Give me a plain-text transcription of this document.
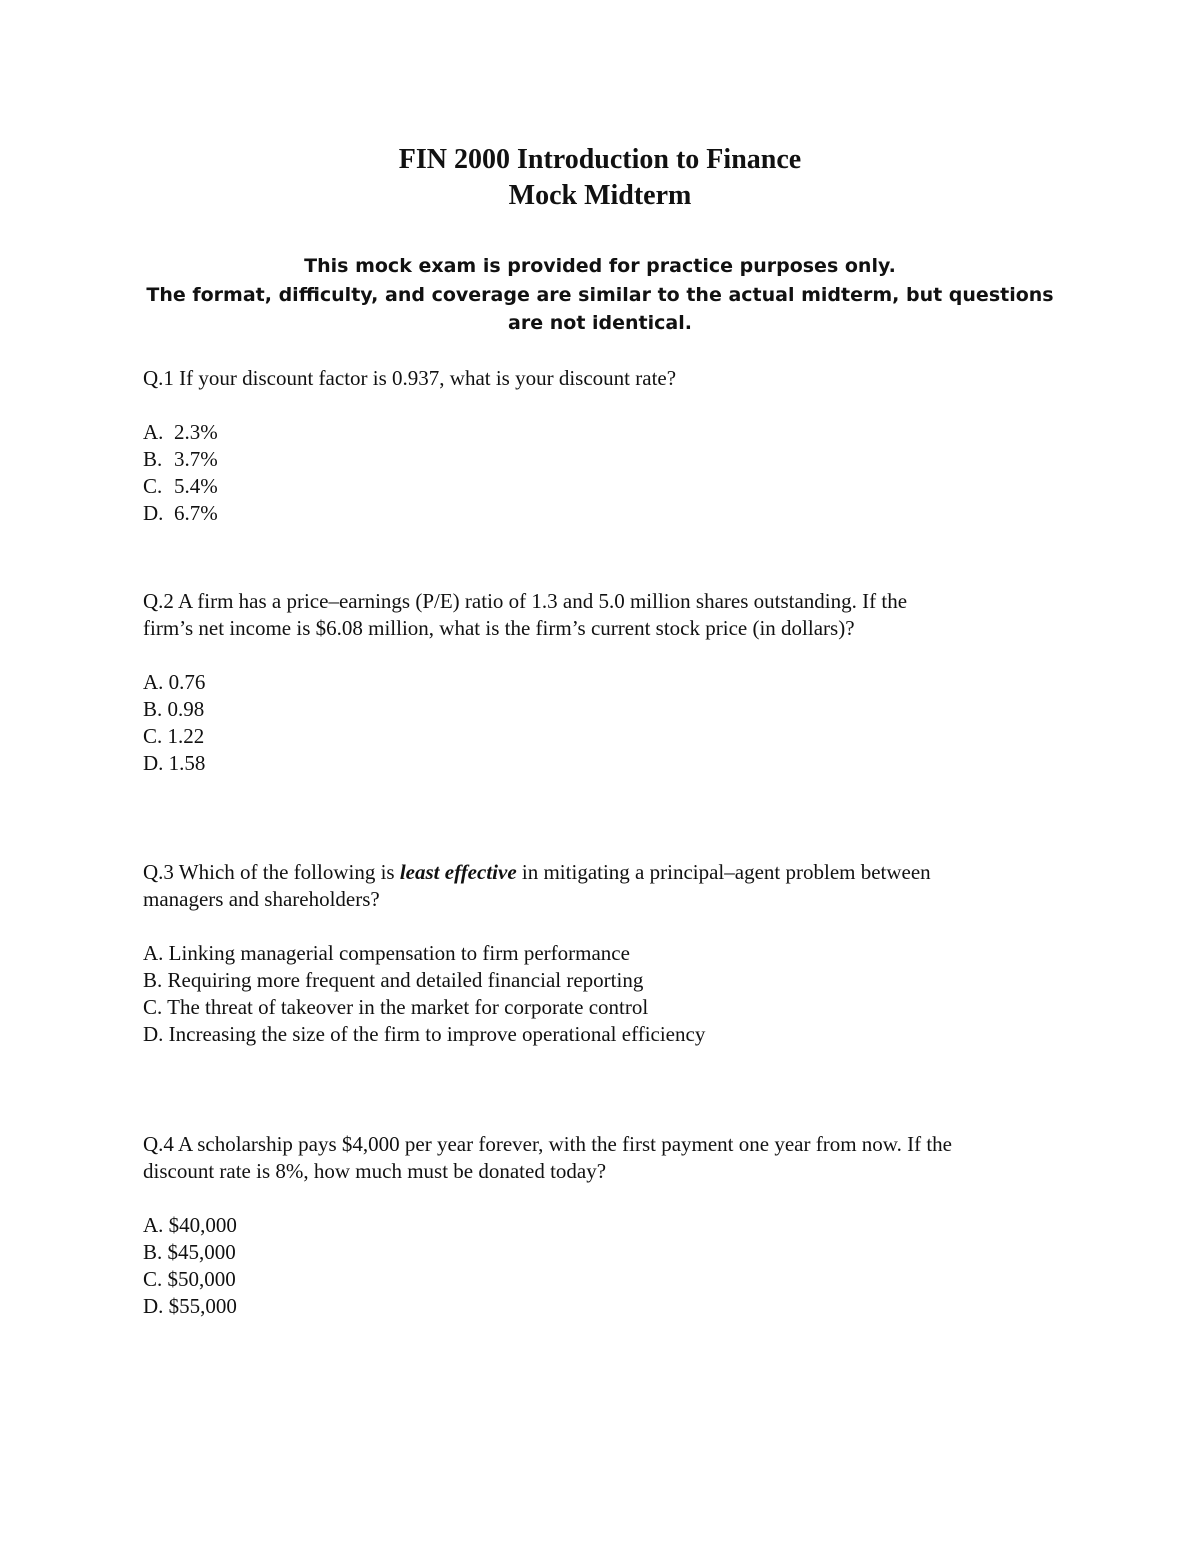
FIN 2000 Introduction to Finance
Mock Midterm
This mock exam is provided for practice purposes only.
The format, difficulty, and coverage are similar to the actual midterm, but questions
are not identical.
Q.1 If your discount factor is 0.937, what is your discount rate?
A. 2.3%
B. 3.7%
C. 5.4%
D. 6.7%
Q.2 A firm has a price–earnings (P/E) ratio of 1.3 and 5.0 million shares outstanding. If the
firm’s net income is $6.08 million, what is the firm’s current stock price (in dollars)?
A. 0.76
B. 0.98
C. 1.22
D. 1.58
Q.3 Which of the following is least effective in mitigating a principal–agent problem between
managers and shareholders?
A. Linking managerial compensation to firm performance
B. Requiring more frequent and detailed financial reporting
C. The threat of takeover in the market for corporate control
D. Increasing the size of the firm to improve operational efficiency
Q.4 A scholarship pays $4,000 per year forever, with the first payment one year from now. If the
discount rate is 8%, how much must be donated today?
A. $40,000
B. $45,000
C. $50,000
D. $55,000
